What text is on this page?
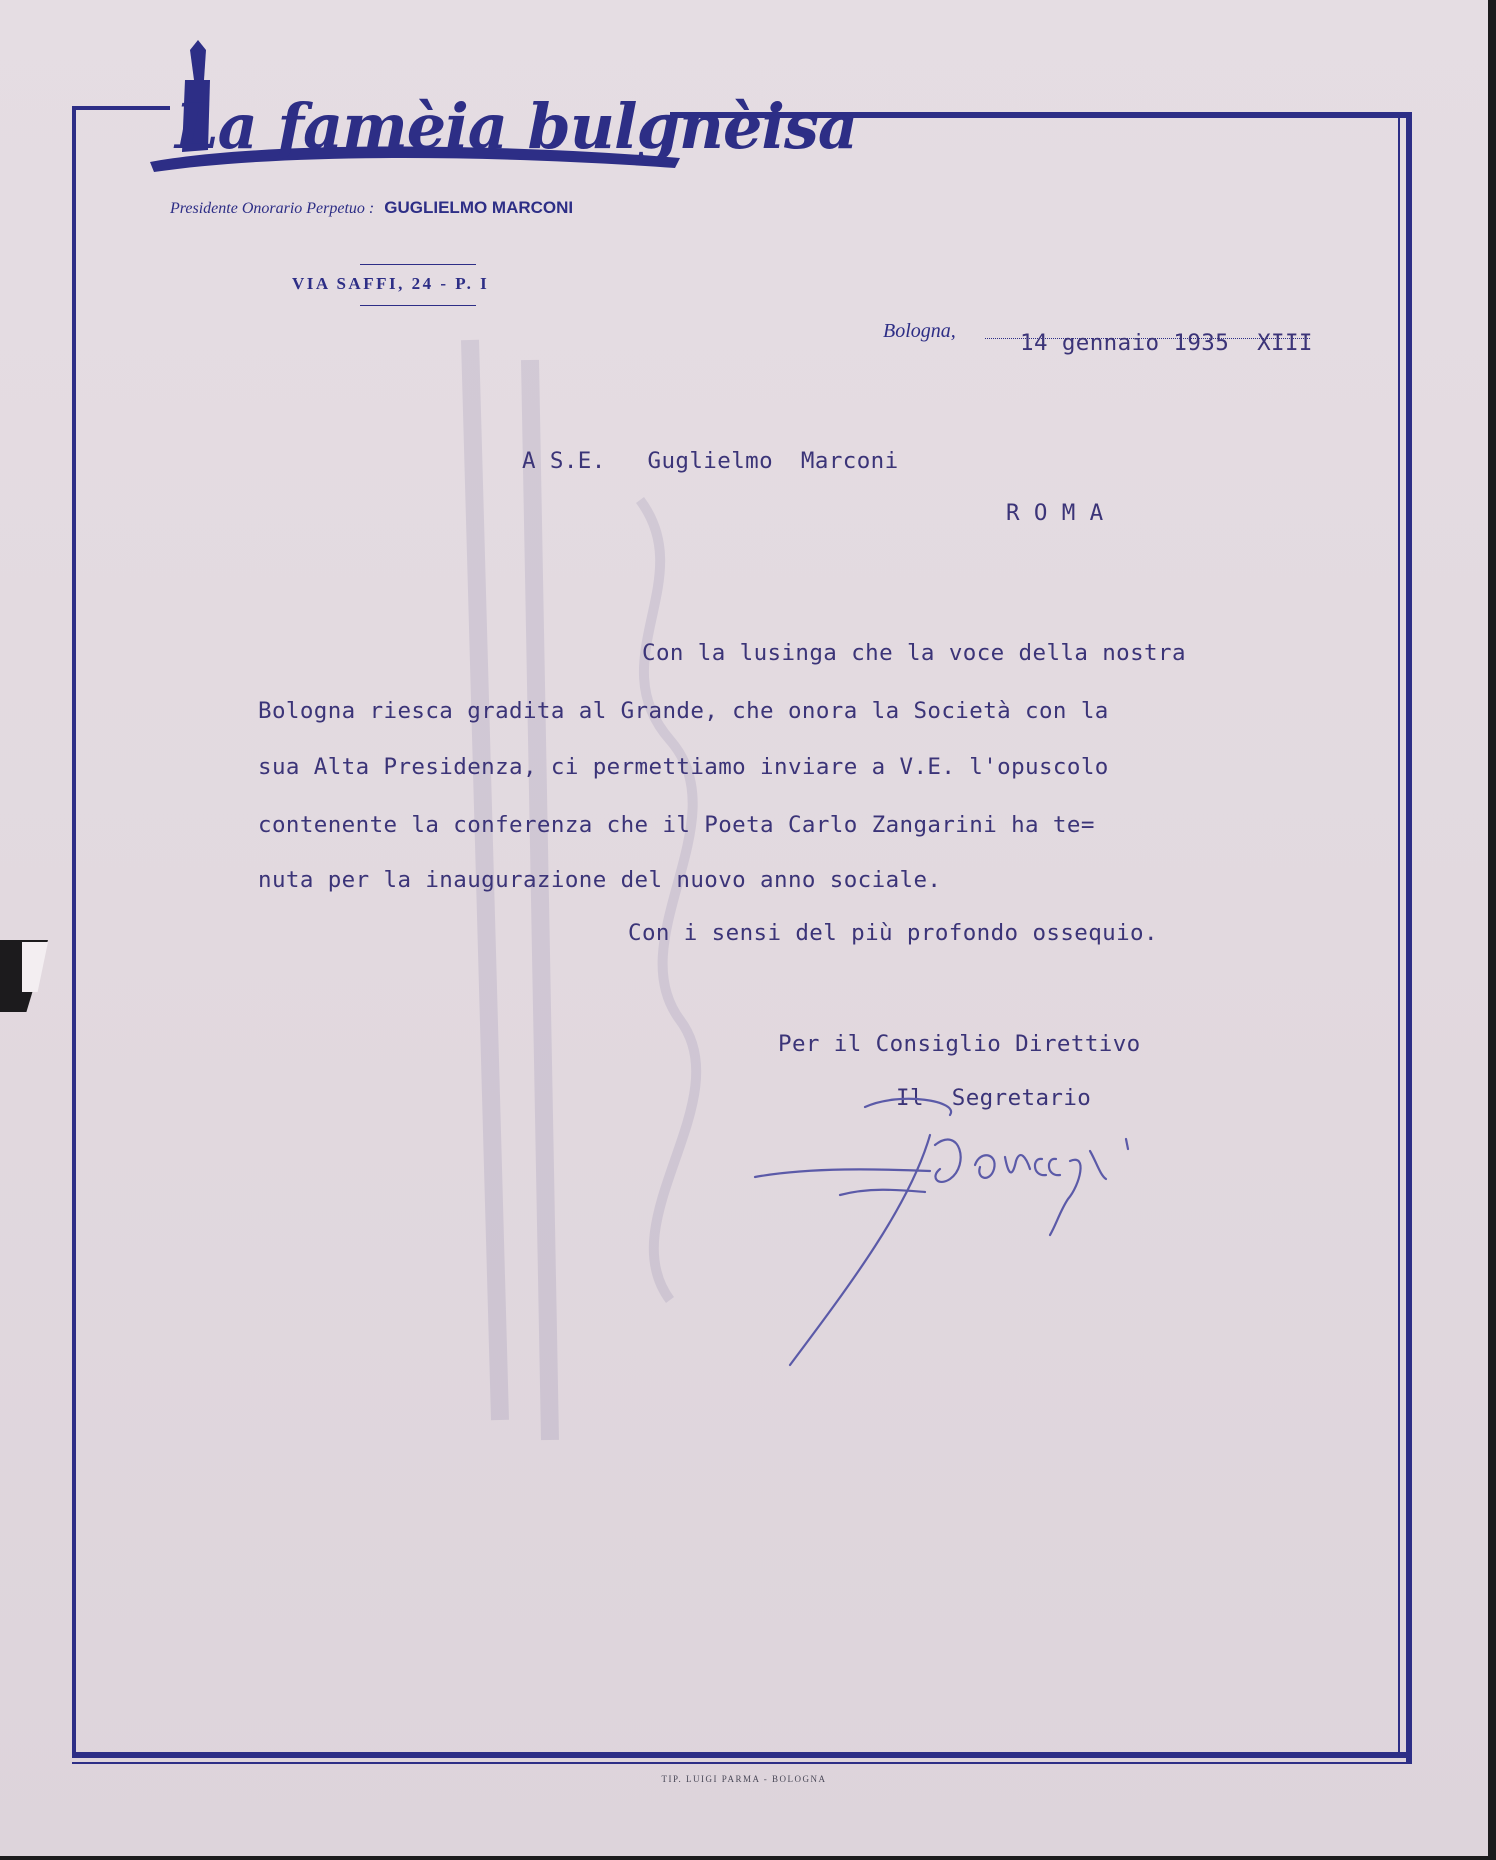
La famèia bulgnèisa
Presidente Onorario Perpetuo : GUGLIELMO MARCONI
VIA SAFFI, 24 - P. I
Bologna,	14 gennaio 1935  XIII
A S.E.   Guglielmo  Marconi
R O M A
Con la lusinga che la voce della nostra
Bologna riesca gradita al Grande, che onora la Società con la
sua Alta Presidenza, ci permettiamo inviare a V.E. l'opuscolo
contenente la conferenza che il Poeta Carlo Zangarini ha te=
nuta per la inaugurazione del nuovo anno sociale.
Con i sensi del più profondo ossequio.
Per il Consiglio Direttivo
Il  Segretario
TIP. LUIGI PARMA - BOLOGNA
